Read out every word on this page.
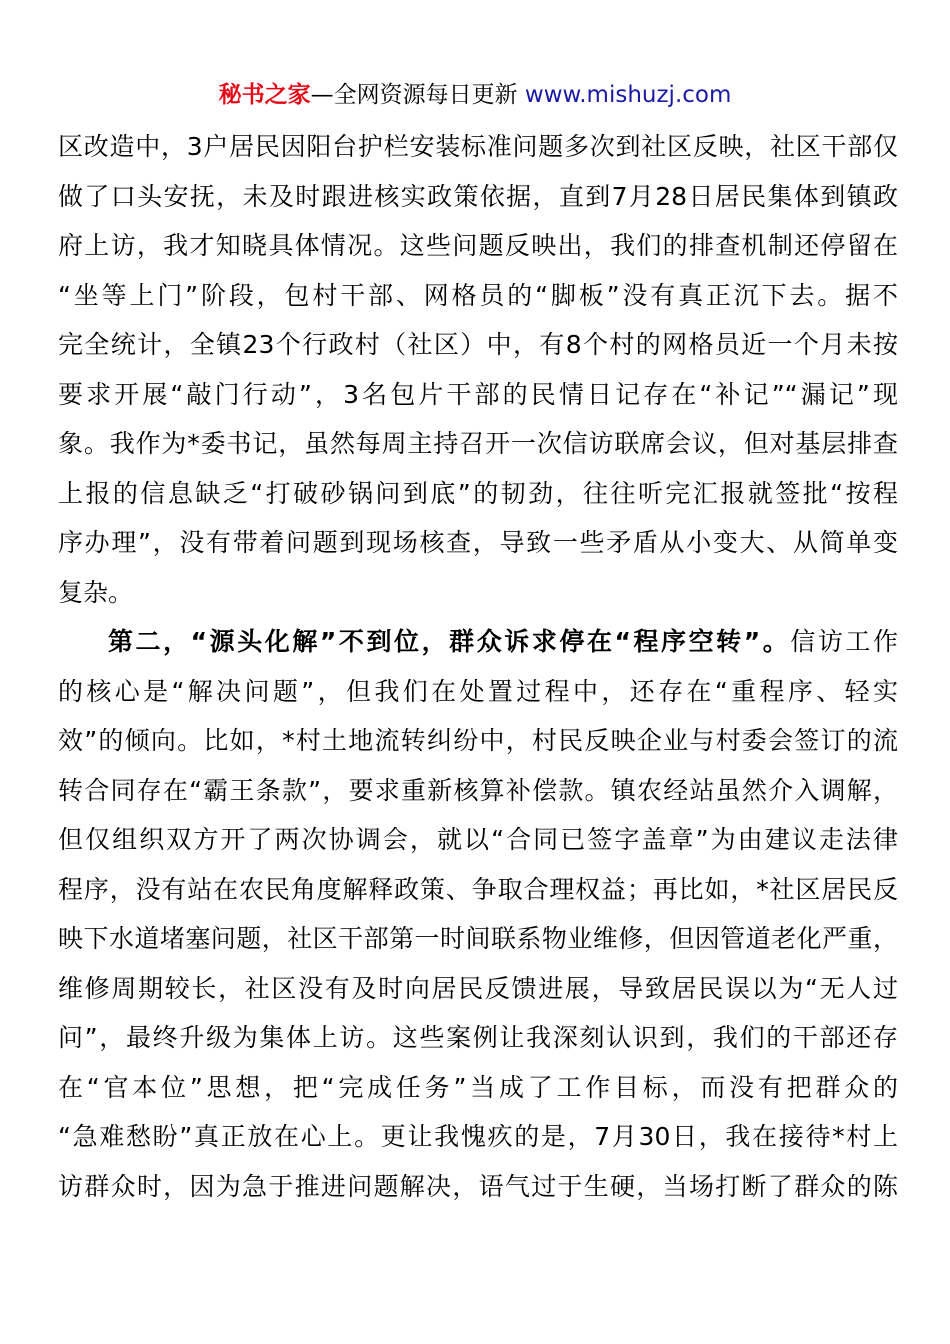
秘书之家—全网资源每日更新 www.mishuzj.com

区改造中，3户居民因阳台护栏安装标准问题多次到社区反映，社区干部仅
做了口头安抚，未及时跟进核实政策依据，直到7月28日居民集体到镇政
府上访，我才知晓具体情况。这些问题反映出，我们的排查机制还停留在
“坐等上门”阶段，包村干部、网格员的“脚板”没有真正沉下去。据不
完全统计，全镇23个行政村（社区）中，有8个村的网格员近一个月未按
要求开展“敲门行动”，3名包片干部的民情日记存在“补记”“漏记”现
象。我作为*委书记，虽然每周主持召开一次信访联席会议，但对基层排查
上报的信息缺乏“打破砂锅问到底”的韧劲，往往听完汇报就签批“按程
序办理”，没有带着问题到现场核查，导致一些矛盾从小变大、从简单变
复杂。

第二，“源头化解”不到位，群众诉求停在“程序空转”。信访工作
的核心是“解决问题”，但我们在处置过程中，还存在“重程序、轻实
效”的倾向。比如，*村土地流转纠纷中，村民反映企业与村委会签订的流
转合同存在“霸王条款”，要求重新核算补偿款。镇农经站虽然介入调解，
但仅组织双方开了两次协调会，就以“合同已签字盖章”为由建议走法律
程序，没有站在农民角度解释政策、争取合理权益；再比如，*社区居民反
映下水道堵塞问题，社区干部第一时间联系物业维修，但因管道老化严重，
维修周期较长，社区没有及时向居民反馈进展，导致居民误以为“无人过
问”，最终升级为集体上访。这些案例让我深刻认识到，我们的干部还存
在“官本位”思想，把“完成任务”当成了工作目标，而没有把群众的
“急难愁盼”真正放在心上。更让我愧疚的是，7月30日，我在接待*村上
访群众时，因为急于推进问题解决，语气过于生硬，当场打断了群众的陈
